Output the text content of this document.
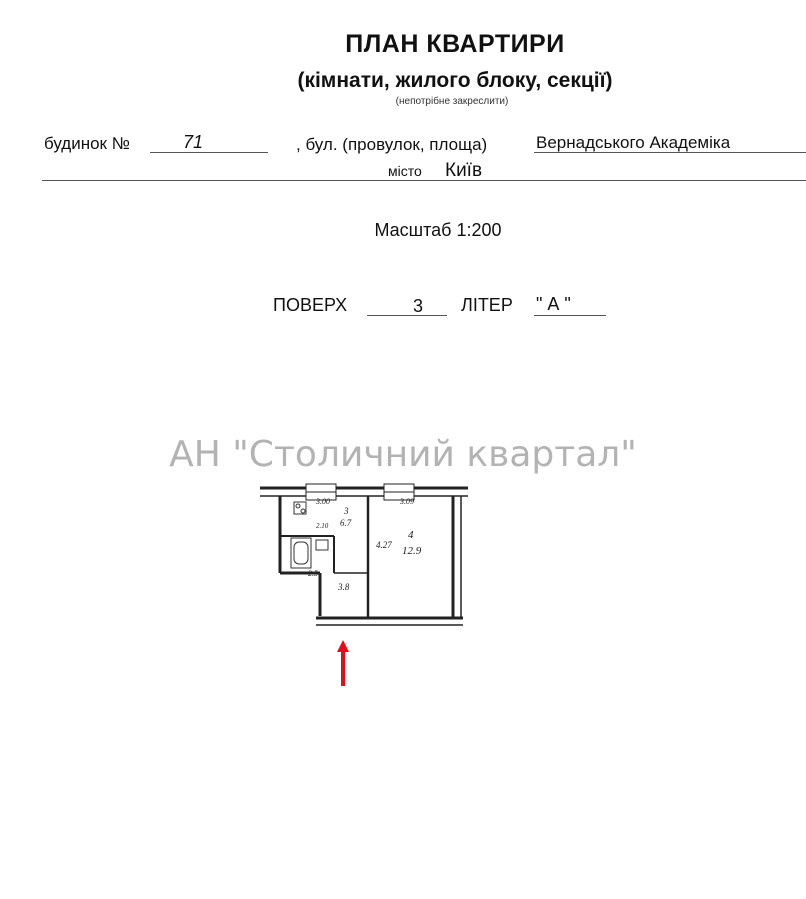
ПЛАН КВАРТИРИ
(кімнати, жилого блоку, секції)
(непотрібне закреслити)
будинок №	71	, бул. (провулок, площа)	Вернадського Академіка
місто Київ
Масштаб 1:200
ПОВЕРХ	3 ЛІТЕР " А "
АН "Столичний квартал"
3.00	3.09
3
6.7
2.10
4
12.9
4.27
3.8
2.5
